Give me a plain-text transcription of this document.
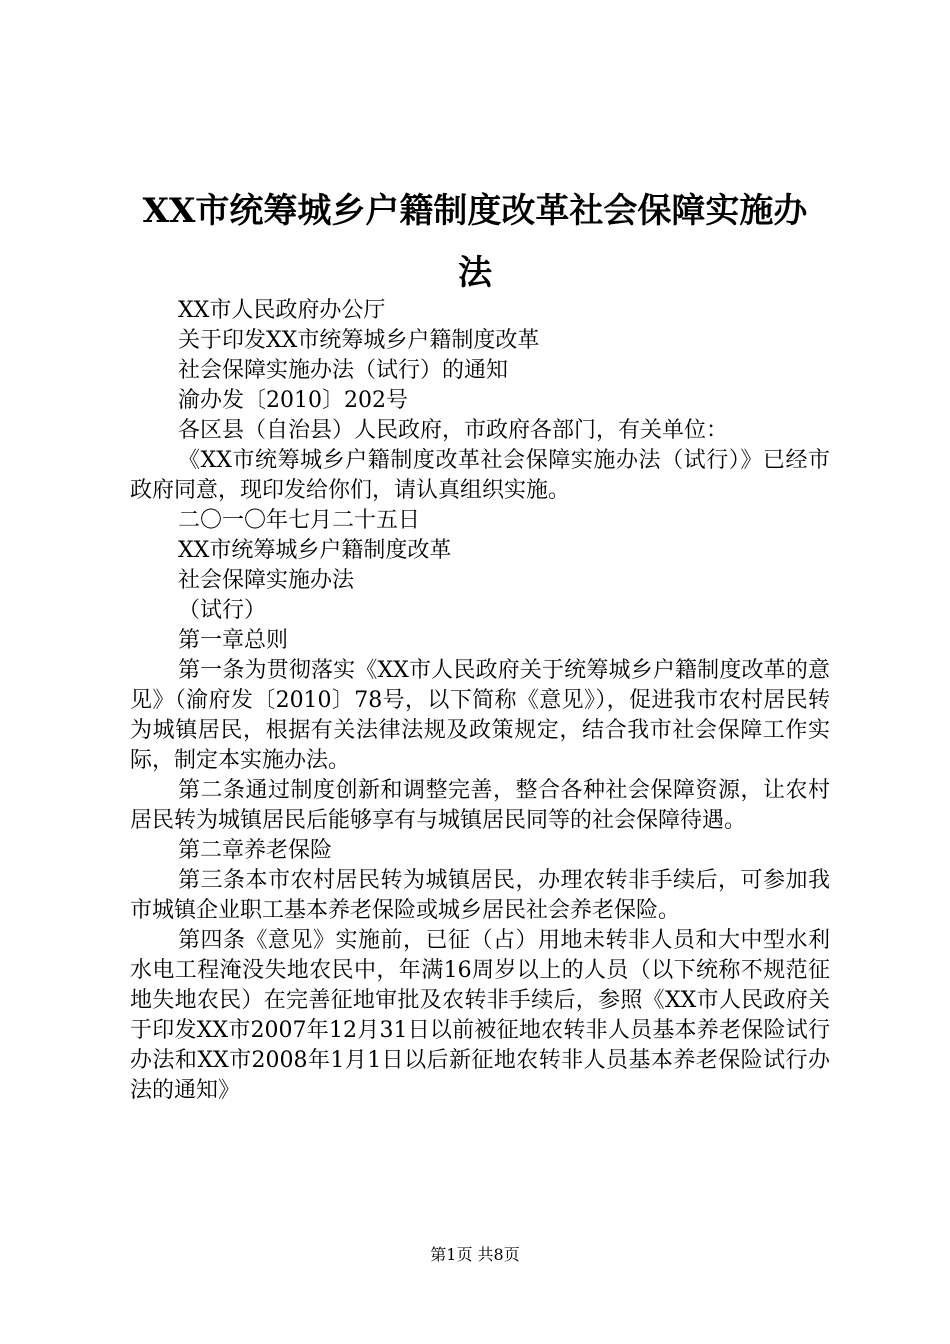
XX市统筹城乡户籍制度改革社会保障实施办
法

XX市人民政府办公厅

关于印发XX市统筹城乡户籍制度改革

社会保障实施办法（试行）的通知

渝办发〔2010〕202号

各区县（自治县）人民政府，市政府各部门，有关单位：

《XX市统筹城乡户籍制度改革社会保障实施办法（试行）》已经市政府同意，现印发给你们，请认真组织实施。

二〇一〇年七月二十五日

XX市统筹城乡户籍制度改革

社会保障实施办法

（试行）

第一章总则

第一条为贯彻落实《XX市人民政府关于统筹城乡户籍制度改革的意见》（渝府发〔2010〕78号，以下简称《意见》），促进我市农村居民转为城镇居民，根据有关法律法规及政策规定，结合我市社会保障工作实际，制定本实施办法。

第二条通过制度创新和调整完善，整合各种社会保障资源，让农村居民转为城镇居民后能够享有与城镇居民同等的社会保障待遇。

第二章养老保险

第三条本市农村居民转为城镇居民，办理农转非手续后，可参加我市城镇企业职工基本养老保险或城乡居民社会养老保险。

第四条《意见》实施前，已征（占）用地未转非人员和大中型水利水电工程淹没失地农民中，年满16周岁以上的人员（以下统称不规范征地失地农民）在完善征地审批及农转非手续后，参照《XX市人民政府关于印发XX市2007年12月31日以前被征地农转非人员基本养老保险试行办法和XX市2008年1月1日以后新征地农转非人员基本养老保险试行办法的通知》

第1页 共8页
